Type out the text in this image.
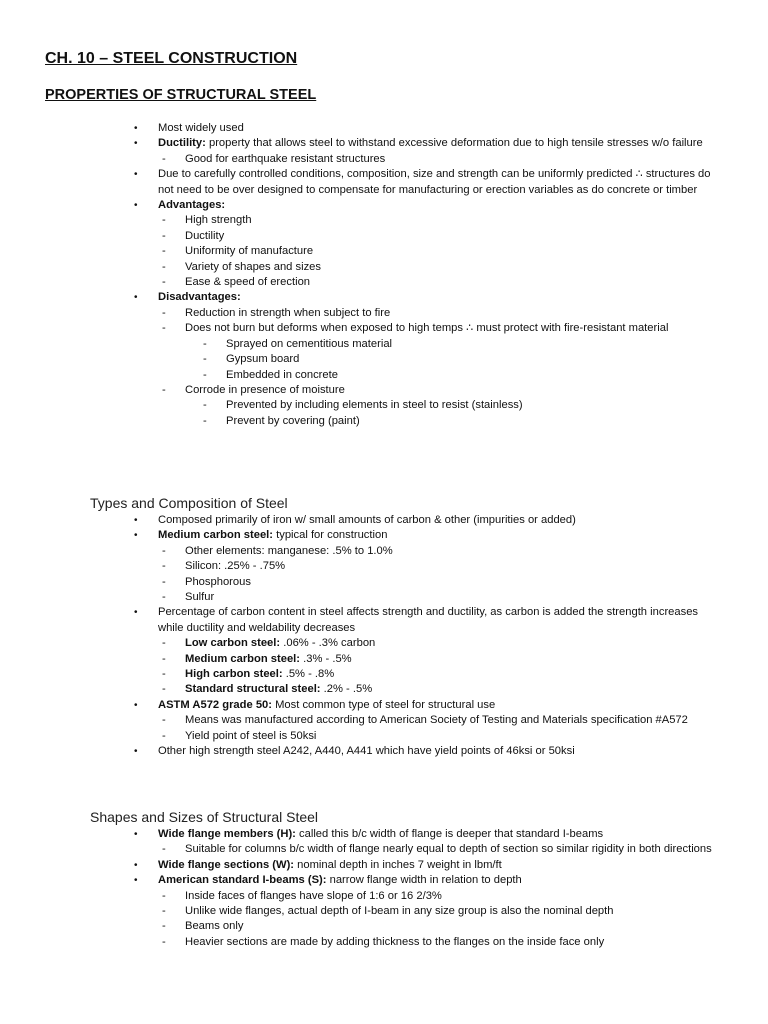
CH. 10 – STEEL CONSTRUCTION
PROPERTIES OF STRUCTURAL STEEL
• Most widely used
• Ductility: property that allows steel to withstand excessive deformation due to high tensile stresses w/o failure
- Good for earthquake resistant structures
• Due to carefully controlled conditions, composition, size and strength can be uniformly predicted ∴ structures do not need to be over designed to compensate for manufacturing or erection variables as do concrete or timber
• Advantages:
- High strength
- Ductility
- Uniformity of manufacture
- Variety of shapes and sizes
- Ease & speed of erection
• Disadvantages:
- Reduction in strength when subject to fire
- Does not burn but deforms when exposed to high temps ∴ must protect with fire-resistant material
- Sprayed on cementitious material
- Gypsum board
- Embedded in concrete
- Corrode in presence of moisture
- Prevented by including elements in steel to resist (stainless)
- Prevent by covering (paint)
Types and Composition of Steel
• Composed primarily of iron w/ small amounts of carbon & other (impurities or added)
• Medium carbon steel: typical for construction
- Other elements: manganese: .5% to 1.0%
- Silicon: .25% - .75%
- Phosphorous
- Sulfur
• Percentage of carbon content in steel affects strength and ductility, as carbon is added the strength increases while ductility and weldability decreases
- Low carbon steel: .06% - .3% carbon
- Medium carbon steel: .3% - .5%
- High carbon steel: .5% - .8%
- Standard structural steel: .2% - .5%
• ASTM A572 grade 50: Most common type of steel for structural use
- Means was manufactured according to American Society of Testing and Materials specification #A572
- Yield point of steel is 50ksi
• Other high strength steel A242, A440, A441 which have yield points of 46ksi or 50ksi
Shapes and Sizes of Structural Steel
• Wide flange members (H): called this b/c width of flange is deeper that standard I-beams
- Suitable for columns b/c width of flange nearly equal to depth of section so similar rigidity in both directions
• Wide flange sections (W): nominal depth in inches 7 weight in lbm/ft
• American standard I-beams (S): narrow flange width in relation to depth
- Inside faces of flanges have slope of 1:6 or 16 2/3%
- Unlike wide flanges, actual depth of I-beam in any size group is also the nominal depth
- Beams only
- Heavier sections are made by adding thickness to the flanges on the inside face only
